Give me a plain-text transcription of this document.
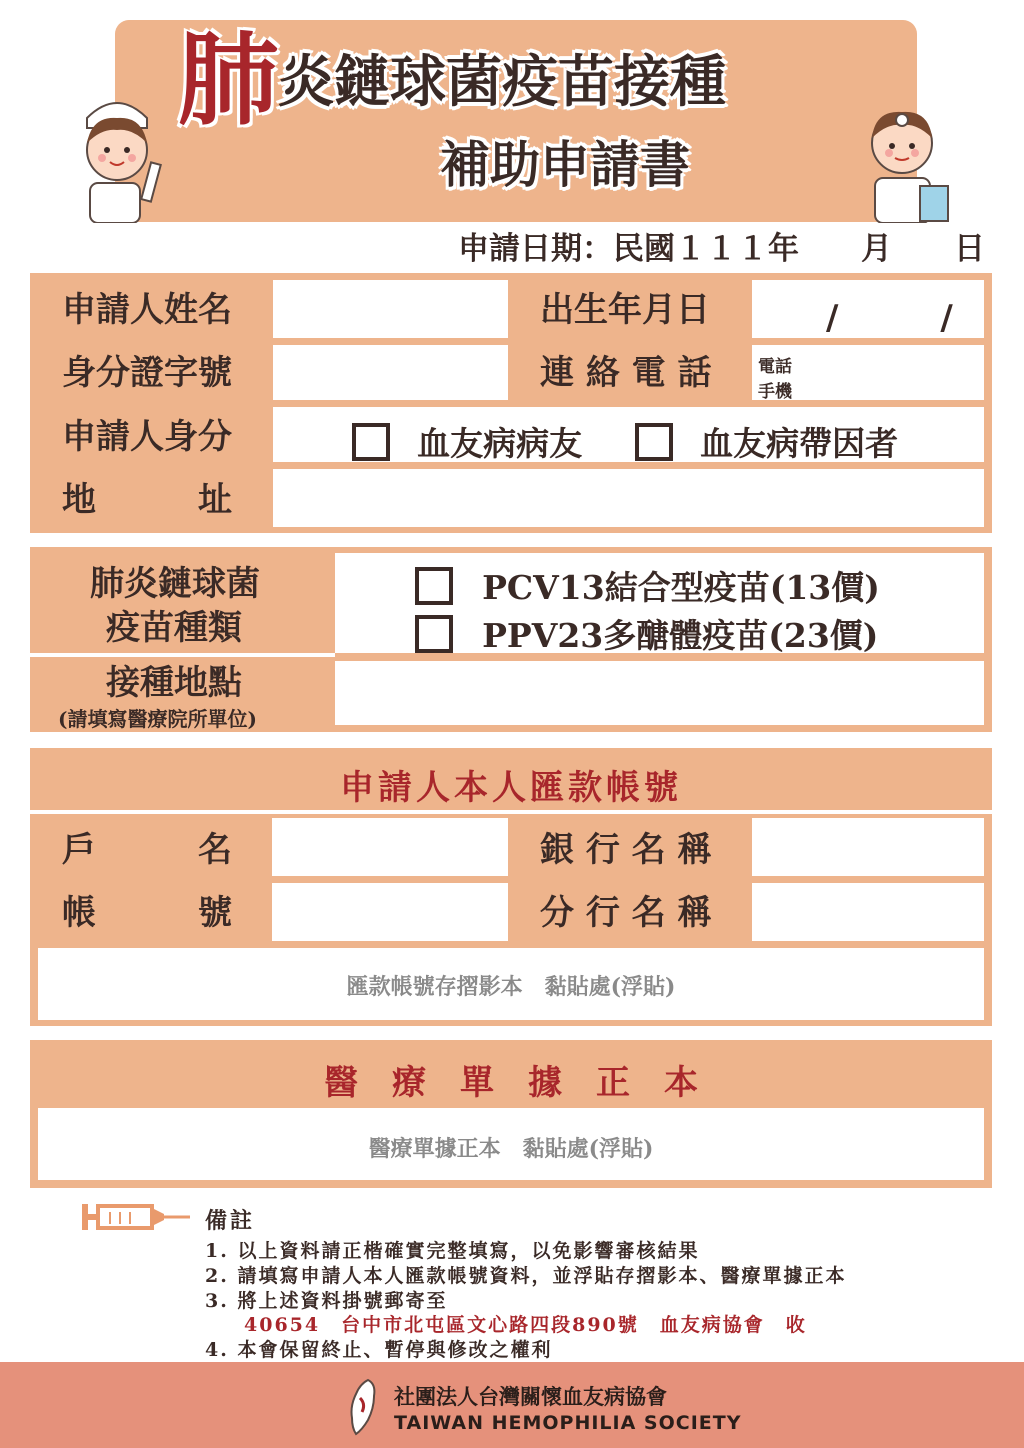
肺炎鏈球菌疫苗接種
補助申請書
申請日期：民國１１１年　　月　　日
申請人姓名	出生年月日	/　　　/
身分證字號	連 絡 電 話	電話
手機
申請人身分	血友病病友	血友病帶因者
地　　　址
肺炎鏈球菌
疫苗種類
PCV13結合型疫苗(13價)
PPV23多醣體疫苗(23價)
接種地點
(請填寫醫療院所單位)
申請人本人匯款帳號
戶　　　名	銀 行 名 稱
帳　　　號	分 行 名 稱
匯款帳號存摺影本　黏貼處(浮貼)
醫　療　單　據　正　本
醫療單據正本　黏貼處(浮貼)
備註
1. 以上資料請正楷確實完整填寫，以免影響審核結果
2. 請填寫申請人本人匯款帳號資料，並浮貼存摺影本、醫療單據正本
3. 將上述資料掛號郵寄至
40654　台中市北屯區文心路四段890號　血友病協會　收
4. 本會保留終止、暫停與修改之權利
社團法人台灣關懷血友病協會
TAIWAN HEMOPHILIA SOCIETY
